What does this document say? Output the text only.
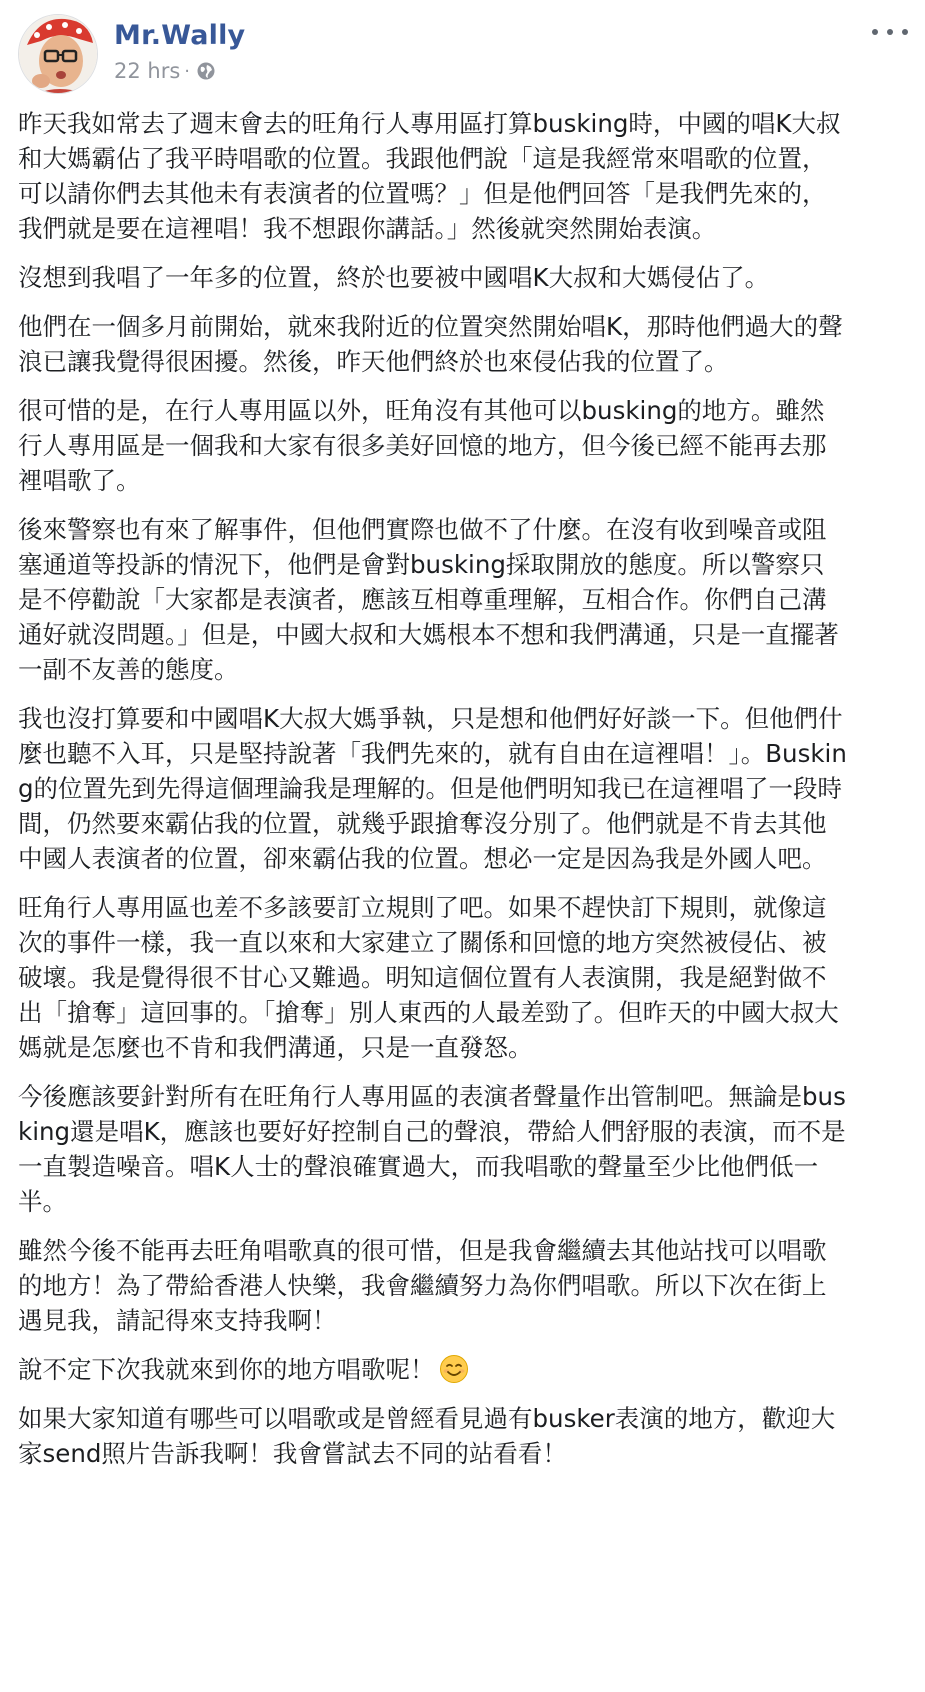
Mr.Wally
22 hrs ·

昨天我如常去了週末會去的旺角行人專用區打算busking時，中國的唱K大叔和大媽霸佔了我平時唱歌的位置。我跟他們說「這是我經常來唱歌的位置，可以請你們去其他未有表演者的位置嗎？」但是他們回答「是我們先來的，我們就是要在這裡唱！我不想跟你講話。」然後就突然開始表演。

沒想到我唱了一年多的位置，終於也要被中國唱K大叔和大媽侵佔了。

他們在一個多月前開始，就來我附近的位置突然開始唱K，那時他們過大的聲浪已讓我覺得很困擾。然後，昨天他們終於也來侵佔我的位置了。

很可惜的是，在行人專用區以外，旺角沒有其他可以busking的地方。雖然行人專用區是一個我和大家有很多美好回憶的地方，但今後已經不能再去那裡唱歌了。

後來警察也有來了解事件，但他們實際也做不了什麼。在沒有收到噪音或阻塞通道等投訴的情況下，他們是會對busking採取開放的態度。所以警察只是不停勸說「大家都是表演者，應該互相尊重理解，互相合作。你們自己溝通好就沒問題。」但是，中國大叔和大媽根本不想和我們溝通，只是一直擺著一副不友善的態度。

我也沒打算要和中國唱K大叔大媽爭執，只是想和他們好好談一下。但他們什麼也聽不入耳，只是堅持說著「我們先來的，就有自由在這裡唱！」。Busking的位置先到先得這個理論我是理解的。但是他們明知我已在這裡唱了一段時間，仍然要來霸佔我的位置，就幾乎跟搶奪沒分別了。他們就是不肯去其他中國人表演者的位置，卻來霸佔我的位置。想必一定是因為我是外國人吧。

旺角行人專用區也差不多該要訂立規則了吧。如果不趕快訂下規則，就像這次的事件一樣，我一直以來和大家建立了關係和回憶的地方突然被侵佔、被破壞。我是覺得很不甘心又難過。明知這個位置有人表演開，我是絕對做不出「搶奪」這回事的。「搶奪」別人東西的人最差勁了。但昨天的中國大叔大媽就是怎麼也不肯和我們溝通，只是一直發怒。

今後應該要針對所有在旺角行人專用區的表演者聲量作出管制吧。無論是busking還是唱K，應該也要好好控制自己的聲浪，帶給人們舒服的表演，而不是一直製造噪音。唱K人士的聲浪確實過大，而我唱歌的聲量至少比他們低一半。

雖然今後不能再去旺角唱歌真的很可惜，但是我會繼續去其他站找可以唱歌的地方！為了帶給香港人快樂，我會繼續努力為你們唱歌。所以下次在街上遇見我，請記得來支持我啊！

說不定下次我就來到你的地方唱歌呢！

如果大家知道有哪些可以唱歌或是曾經看見過有busker表演的地方，歡迎大家send照片告訴我啊！我會嘗試去不同的站看看！
